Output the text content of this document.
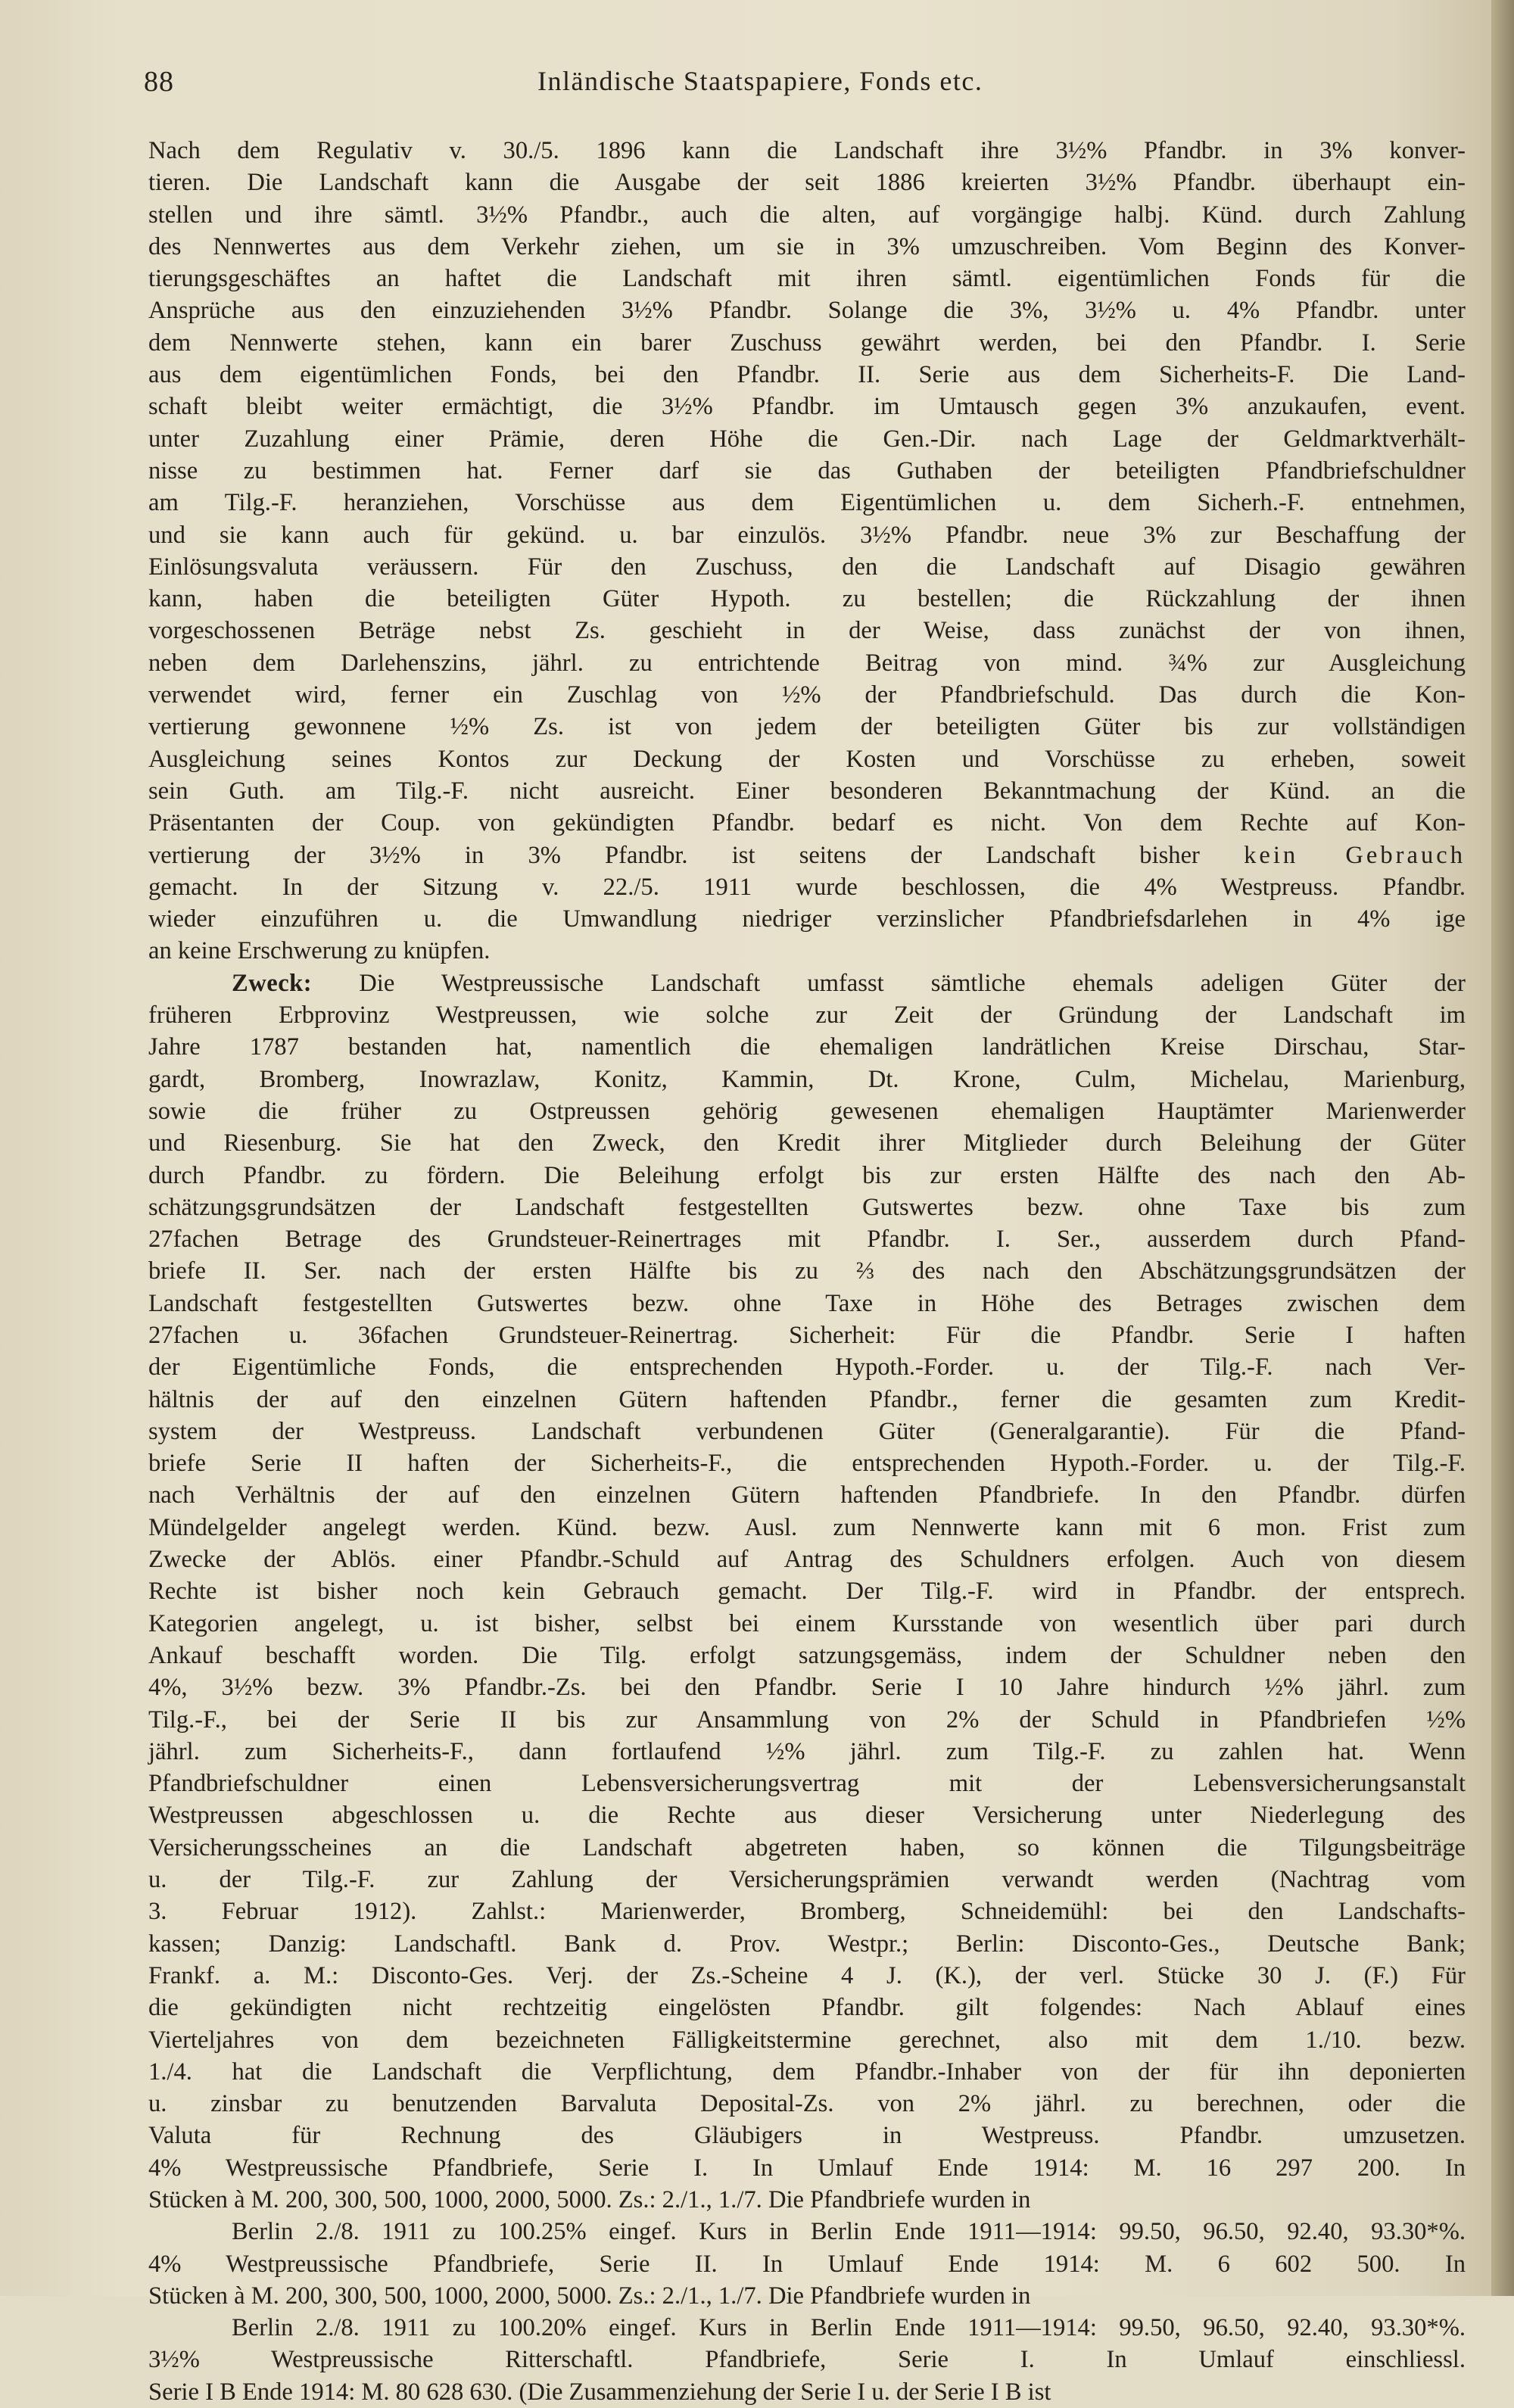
88	Inländische Staatspapiere, Fonds etc.
Nach dem Regulativ v. 30./5. 1896 kann die Landschaft ihre 3½% Pfandbr. in 3% konver-
tieren. Die Landschaft kann die Ausgabe der seit 1886 kreierten 3½% Pfandbr. überhaupt ein-
stellen und ihre sämtl. 3½% Pfandbr., auch die alten, auf vorgängige halbj. Künd. durch Zahlung
des Nennwertes aus dem Verkehr ziehen, um sie in 3% umzuschreiben. Vom Beginn des Konver-
tierungsgeschäftes an haftet die Landschaft mit ihren sämtl. eigentümlichen Fonds für die
Ansprüche aus den einzuziehenden 3½% Pfandbr. Solange die 3%, 3½% u. 4% Pfandbr. unter
dem Nennwerte stehen, kann ein barer Zuschuss gewährt werden, bei den Pfandbr. I. Serie
aus dem eigentümlichen Fonds, bei den Pfandbr. II. Serie aus dem Sicherheits-F. Die Land-
schaft bleibt weiter ermächtigt, die 3½% Pfandbr. im Umtausch gegen 3% anzukaufen, event.
unter Zuzahlung einer Prämie, deren Höhe die Gen.-Dir. nach Lage der Geldmarktverhält-
nisse zu bestimmen hat. Ferner darf sie das Guthaben der beteiligten Pfandbriefschuldner
am Tilg.-F. heranziehen, Vorschüsse aus dem Eigentümlichen u. dem Sicherh.-F. entnehmen,
und sie kann auch für gekünd. u. bar einzulös. 3½% Pfandbr. neue 3% zur Beschaffung der
Einlösungsvaluta veräussern. Für den Zuschuss, den die Landschaft auf Disagio gewähren
kann, haben die beteiligten Güter Hypoth. zu bestellen; die Rückzahlung der ihnen
vorgeschossenen Beträge nebst Zs. geschieht in der Weise, dass zunächst der von ihnen,
neben dem Darlehenszins, jährl. zu entrichtende Beitrag von mind. ¾% zur Ausgleichung
verwendet wird, ferner ein Zuschlag von ½% der Pfandbriefschuld. Das durch die Kon-
vertierung gewonnene ½% Zs. ist von jedem der beteiligten Güter bis zur vollständigen
Ausgleichung seines Kontos zur Deckung der Kosten und Vorschüsse zu erheben, soweit
sein Guth. am Tilg.-F. nicht ausreicht. Einer besonderen Bekanntmachung der Künd. an die
Präsentanten der Coup. von gekündigten Pfandbr. bedarf es nicht. Von dem Rechte auf Kon-
vertierung der 3½% in 3% Pfandbr. ist seitens der Landschaft bisher kein Gebrauch
gemacht. In der Sitzung v. 22./5. 1911 wurde beschlossen, die 4% Westpreuss. Pfandbr.
wieder einzuführen u. die Umwandlung niedriger verzinslicher Pfandbriefsdarlehen in 4% ige
an keine Erschwerung zu knüpfen.
Zweck: Die Westpreussische Landschaft umfasst sämtliche ehemals adeligen Güter der
früheren Erbprovinz Westpreussen, wie solche zur Zeit der Gründung der Landschaft im
Jahre 1787 bestanden hat, namentlich die ehemaligen landrätlichen Kreise Dirschau, Star-
gardt, Bromberg, Inowrazlaw, Konitz, Kammin, Dt. Krone, Culm, Michelau, Marienburg,
sowie die früher zu Ostpreussen gehörig gewesenen ehemaligen Hauptämter Marienwerder
und Riesenburg. Sie hat den Zweck, den Kredit ihrer Mitglieder durch Beleihung der Güter
durch Pfandbr. zu fördern. Die Beleihung erfolgt bis zur ersten Hälfte des nach den Ab-
schätzungsgrundsätzen der Landschaft festgestellten Gutswertes bezw. ohne Taxe bis zum
27fachen Betrage des Grundsteuer-Reinertrages mit Pfandbr. I. Ser., ausserdem durch Pfand-
briefe II. Ser. nach der ersten Hälfte bis zu ⅔ des nach den Abschätzungsgrundsätzen der
Landschaft festgestellten Gutswertes bezw. ohne Taxe in Höhe des Betrages zwischen dem
27fachen u. 36fachen Grundsteuer-Reinertrag. Sicherheit: Für die Pfandbr. Serie I haften
der Eigentümliche Fonds, die entsprechenden Hypoth.-Forder. u. der Tilg.-F. nach Ver-
hältnis der auf den einzelnen Gütern haftenden Pfandbr., ferner die gesamten zum Kredit-
system der Westpreuss. Landschaft verbundenen Güter (Generalgarantie). Für die Pfand-
briefe Serie II haften der Sicherheits-F., die entsprechenden Hypoth.-Forder. u. der Tilg.-F.
nach Verhältnis der auf den einzelnen Gütern haftenden Pfandbriefe. In den Pfandbr. dürfen
Mündelgelder angelegt werden. Künd. bezw. Ausl. zum Nennwerte kann mit 6 mon. Frist zum
Zwecke der Ablös. einer Pfandbr.-Schuld auf Antrag des Schuldners erfolgen. Auch von diesem
Rechte ist bisher noch kein Gebrauch gemacht. Der Tilg.-F. wird in Pfandbr. der entsprech.
Kategorien angelegt, u. ist bisher, selbst bei einem Kursstande von wesentlich über pari durch
Ankauf beschafft worden. Die Tilg. erfolgt satzungsgemäss, indem der Schuldner neben den
4%, 3½% bezw. 3% Pfandbr.-Zs. bei den Pfandbr. Serie I 10 Jahre hindurch ½% jährl. zum
Tilg.-F., bei der Serie II bis zur Ansammlung von 2% der Schuld in Pfandbriefen ½%
jährl. zum Sicherheits-F., dann fortlaufend ½% jährl. zum Tilg.-F. zu zahlen hat. Wenn
Pfandbriefschuldner einen Lebensversicherungsvertrag mit der Lebensversicherungsanstalt
Westpreussen abgeschlossen u. die Rechte aus dieser Versicherung unter Niederlegung des
Versicherungsscheines an die Landschaft abgetreten haben, so können die Tilgungsbeiträge
u. der Tilg.-F. zur Zahlung der Versicherungsprämien verwandt werden (Nachtrag vom
3. Februar 1912). Zahlst.: Marienwerder, Bromberg, Schneidemühl: bei den Landschafts-
kassen; Danzig: Landschaftl. Bank d. Prov. Westpr.; Berlin: Disconto-Ges., Deutsche Bank;
Frankf. a. M.: Disconto-Ges. Verj. der Zs.-Scheine 4 J. (K.), der verl. Stücke 30 J. (F.) Für
die gekündigten nicht rechtzeitig eingelösten Pfandbr. gilt folgendes: Nach Ablauf eines
Vierteljahres von dem bezeichneten Fälligkeitstermine gerechnet, also mit dem 1./10. bezw.
1./4. hat die Landschaft die Verpflichtung, dem Pfandbr.-Inhaber von der für ihn deponierten
u. zinsbar zu benutzenden Barvaluta Deposital-Zs. von 2% jährl. zu berechnen, oder die
Valuta für Rechnung des Gläubigers in Westpreuss. Pfandbr. umzusetzen.
4% Westpreussische Pfandbriefe, Serie I. In Umlauf Ende 1914: M. 16 297 200. In
Stücken à M. 200, 300, 500, 1000, 2000, 5000. Zs.: 2./1., 1./7. Die Pfandbriefe wurden in
Berlin 2./8. 1911 zu 100.25% eingef. Kurs in Berlin Ende 1911—1914: 99.50, 96.50, 92.40, 93.30*%.
4% Westpreussische Pfandbriefe, Serie II. In Umlauf Ende 1914: M. 6 602 500. In
Stücken à M. 200, 300, 500, 1000, 2000, 5000. Zs.: 2./1., 1./7. Die Pfandbriefe wurden in
Berlin 2./8. 1911 zu 100.20% eingef. Kurs in Berlin Ende 1911—1914: 99.50, 96.50, 92.40, 93.30*%.
3½% Westpreussische Ritterschaftl. Pfandbriefe, Serie I. In Umlauf einschliessl.
Serie I B Ende 1914: M. 80 628 630. (Die Zusammenziehung der Serie I u. der Serie I B ist
